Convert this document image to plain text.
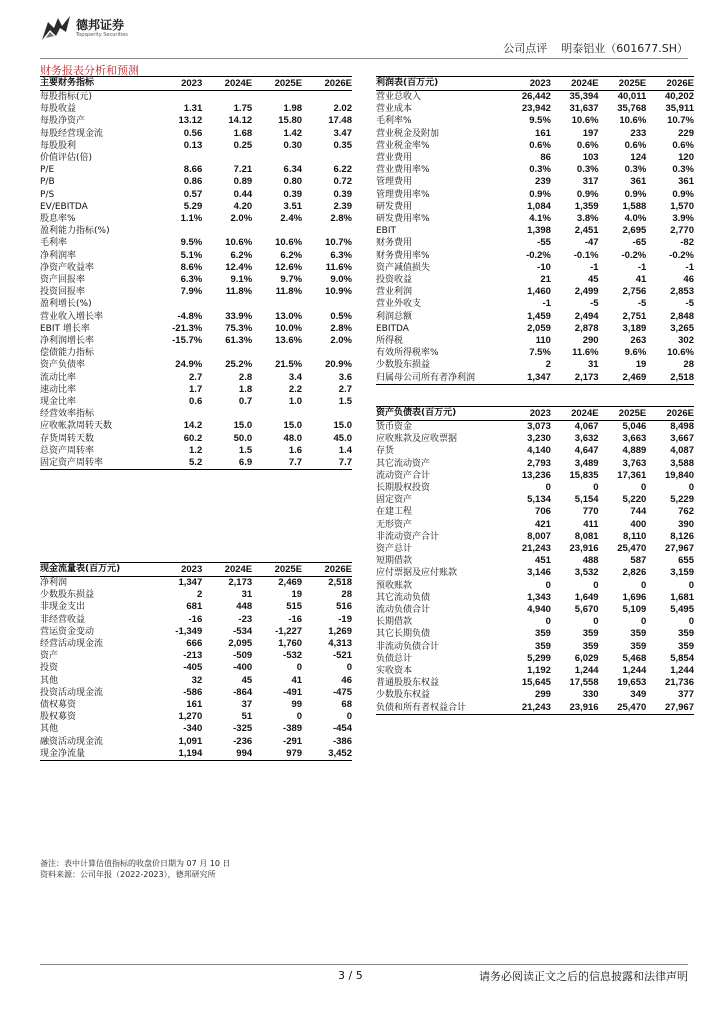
德邦证券
Topsperity Securities
公司点评 明泰铝业（601677.SH）
财务报表分析和预测
主要财务指标	2023	2024E	2025E	2026E
每股指标(元)				
每股收益	1.31	1.75	1.98	2.02
每股净资产	13.12	14.12	15.80	17.48
每股经营现金流	0.56	1.68	1.42	3.47
每股股利	0.13	0.25	0.30	0.35
价值评估(倍)				
P/E	8.66	7.21	6.34	6.22
P/B	0.86	0.89	0.80	0.72
P/S	0.57	0.44	0.39	0.39
EV/EBITDA	5.29	4.20	3.51	2.39
股息率%	1.1%	2.0%	2.4%	2.8%
盈利能力指标(%)				
毛利率	9.5%	10.6%	10.6%	10.7%
净利润率	5.1%	6.2%	6.2%	6.3%
净资产收益率	8.6%	12.4%	12.6%	11.6%
资产回报率	6.3%	9.1%	9.7%	9.0%
投资回报率	7.9%	11.8%	11.8%	10.9%
盈利增长(%)				
营业收入增长率	-4.8%	33.9%	13.0%	0.5%
EBIT 增长率	-21.3%	75.3%	10.0%	2.8%
净利润增长率	-15.7%	61.3%	13.6%	2.0%
偿债能力指标				
资产负债率	24.9%	25.2%	21.5%	20.9%
流动比率	2.7	2.8	3.4	3.6
速动比率	1.7	1.8	2.2	2.7
现金比率	0.6	0.7	1.0	1.5
经营效率指标				
应收帐款周转天数	14.2	15.0	15.0	15.0
存货周转天数	60.2	50.0	48.0	45.0
总资产周转率	1.2	1.5	1.6	1.4
固定资产周转率	5.2	6.9	7.7	7.7
利润表(百万元)	2023	2024E	2025E	2026E
营业总收入	26,442	35,394	40,011	40,202
营业成本	23,942	31,637	35,768	35,911
毛利率%	9.5%	10.6%	10.6%	10.7%
营业税金及附加	161	197	233	229
营业税金率%	0.6%	0.6%	0.6%	0.6%
营业费用	86	103	124	120
营业费用率%	0.3%	0.3%	0.3%	0.3%
管理费用	239	317	361	361
管理费用率%	0.9%	0.9%	0.9%	0.9%
研发费用	1,084	1,359	1,588	1,570
研发费用率%	4.1%	3.8%	4.0%	3.9%
EBIT	1,398	2,451	2,695	2,770
财务费用	-55	-47	-65	-82
财务费用率%	-0.2%	-0.1%	-0.2%	-0.2%
资产减值损失	-10	-1	-1	-1
投资收益	21	45	41	46
营业利润	1,460	2,499	2,756	2,853
营业外收支	-1	-5	-5	-5
利润总额	1,459	2,494	2,751	2,848
EBITDA	2,059	2,878	3,189	3,265
所得税	110	290	263	302
有效所得税率%	7.5%	11.6%	9.6%	10.6%
少数股东损益	2	31	19	28
归属母公司所有者净利润	1,347	2,173	2,469	2,518
资产负债表(百万元)	2023	2024E	2025E	2026E
货币资金	3,073	4,067	5,046	8,498
应收账款及应收票据	3,230	3,632	3,663	3,667
存货	4,140	4,647	4,889	4,087
其它流动资产	2,793	3,489	3,763	3,588
流动资产合计	13,236	15,835	17,361	19,840
长期股权投资	0	0	0	0
固定资产	5,134	5,154	5,220	5,229
在建工程	706	770	744	762
无形资产	421	411	400	390
非流动资产合计	8,007	8,081	8,110	8,126
资产总计	21,243	23,916	25,470	27,967
短期借款	451	488	587	655
应付票据及应付账款	3,146	3,532	2,826	3,159
预收账款	0	0	0	0
其它流动负债	1,343	1,649	1,696	1,681
流动负债合计	4,940	5,670	5,109	5,495
长期借款	0	0	0	0
其它长期负债	359	359	359	359
非流动负债合计	359	359	359	359
负债总计	5,299	6,029	5,468	5,854
实收资本	1,192	1,244	1,244	1,244
普通股股东权益	15,645	17,558	19,653	21,736
少数股东权益	299	330	349	377
负债和所有者权益合计	21,243	23,916	25,470	27,967
现金流量表(百万元)	2023	2024E	2025E	2026E
净利润	1,347	2,173	2,469	2,518
少数股东损益	2	31	19	28
非现金支出	681	448	515	516
非经营收益	-16	-23	-16	-19
营运资金变动	-1,349	-534	-1,227	1,269
经营活动现金流	666	2,095	1,760	4,313
资产	-213	-509	-532	-521
投资	-405	-400	0	0
其他	32	45	41	46
投资活动现金流	-586	-864	-491	-475
债权募资	161	37	99	68
股权募资	1,270	51	0	0
其他	-340	-325	-389	-454
融资活动现金流	1,091	-236	-291	-386
现金净流量	1,194	994	979	3,452
备注：表中计算估值指标的收盘价日期为 07 月 10 日
资料来源：公司年报（2022-2023），德邦研究所
3 / 5	请务必阅读正文之后的信息披露和法律声明
